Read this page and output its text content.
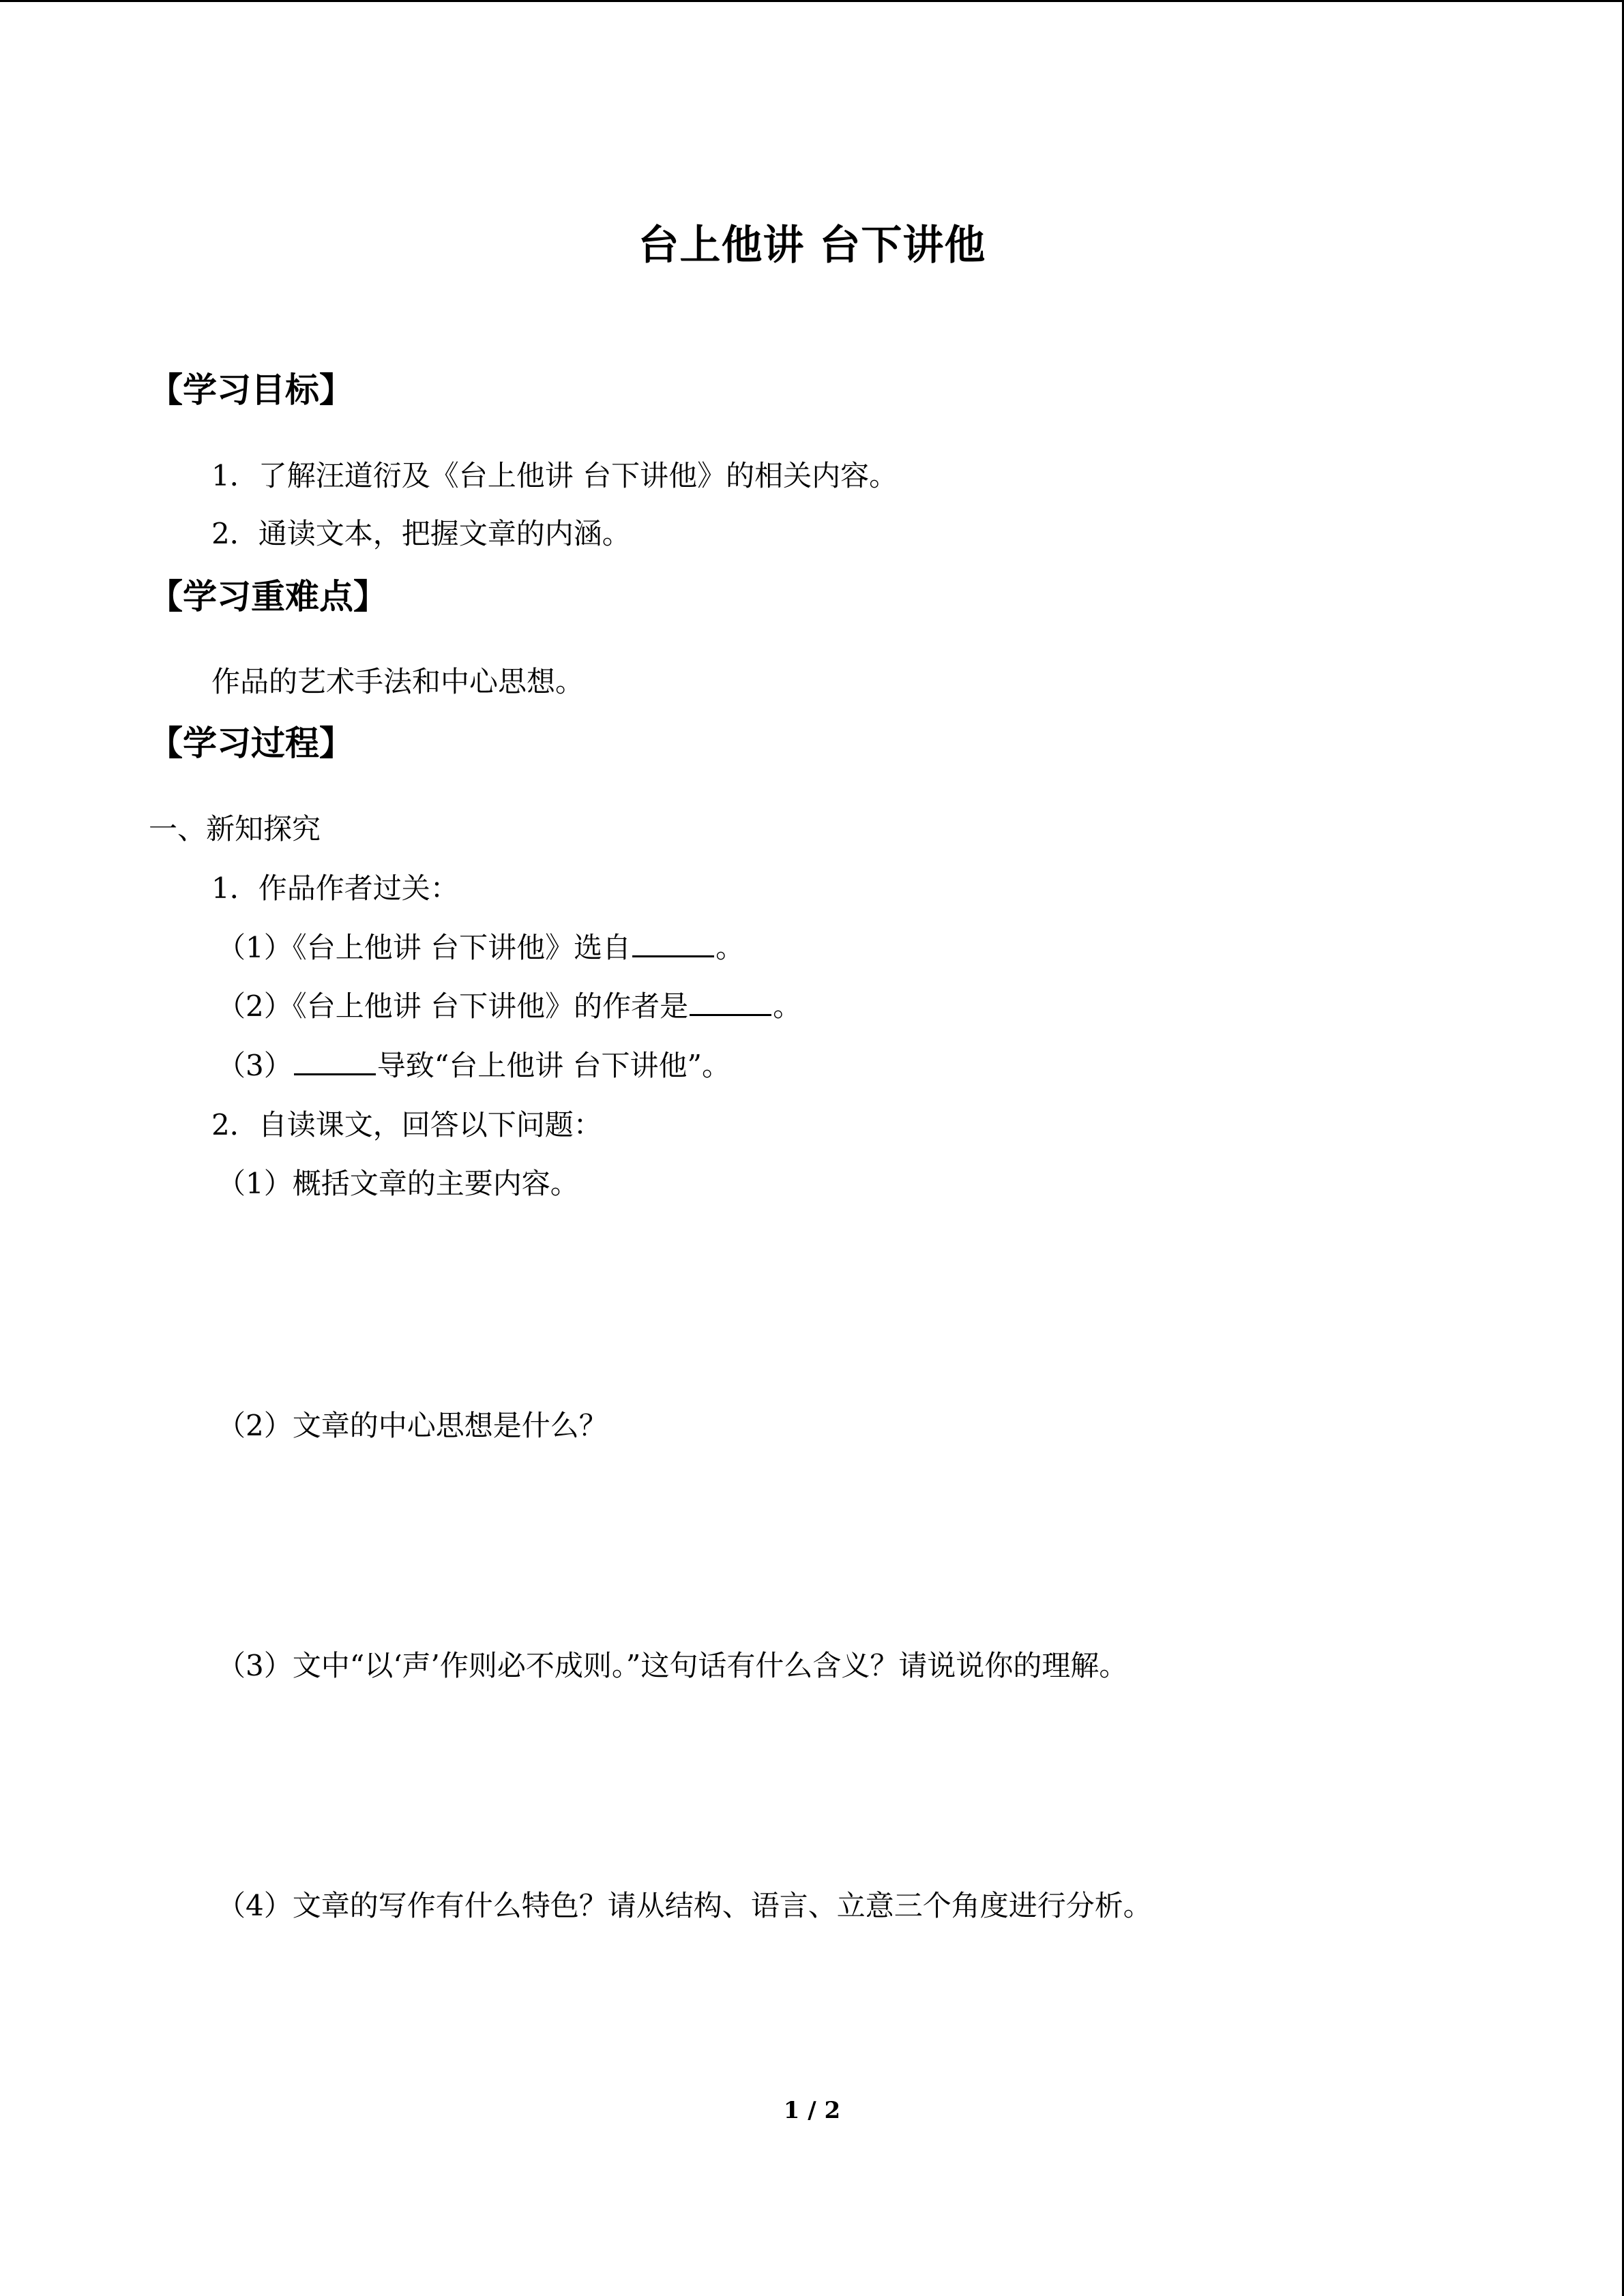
台上他讲 台下讲他
【学习目标】
1．了解汪道衍及《台上他讲 台下讲他》的相关内容。
2．通读文本，把握文章的内涵。
【学习重难点】
作品的艺术手法和中心思想。
【学习过程】
一、新知探究
1．作品作者过关：
（1）《台上他讲 台下讲他》选自	。
（2）《台上他讲 台下讲他》的作者是	。
（3）	导致“台上他讲 台下讲他”。
2．自读课文，回答以下问题：
（1）概括文章的主要内容。
（2）文章的中心思想是什么？
（3）文中“以‘声’作则必不成则。”这句话有什么含义？请说说你的理解。
（4）文章的写作有什么特色？请从结构、语言、立意三个角度进行分析。
1 / 2
